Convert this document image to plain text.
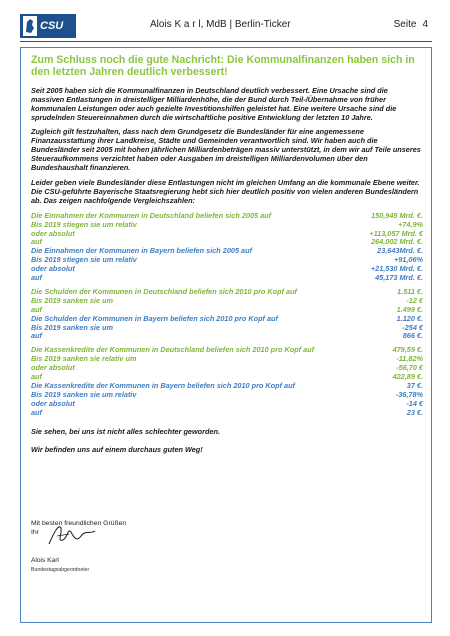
CSU	Alois K a r l, MdB | Berlin-Ticker	Seite 4
Zum Schluss noch die gute Nachricht: Die Kommunalfinanzen haben sich in den letzten Jahren deutlich verbessert!

Seit 2005 haben sich die Kommunalfinanzen in Deutschland deutlich verbessert. Eine Ursache sind die massiven Entlastungen in dreistelliger Milliardenhöhe, die der Bund durch Teil-/Übernahme von früher kommunalen Leistungen oder auch gezielte Investitionshilfen geleistet hat. Eine weitere Ursache sind die sprudelnden Steuereinnahmen durch die wirtschaftliche positive Entwicklung der letzten 10 Jahre.

Zugleich gilt festzuhalten, dass nach dem Grundgesetz die Bundesländer für eine angemessene Finanzausstattung ihrer Landkreise, Städte und Gemeinden verantwortlich sind. Wir haben auch die Bundesländer seit 2005 mit hohen jährlichen Milliardenbeträgen massiv unterstützt, in dem wir auf Teile unseres Steueraufkommens verzichtet haben oder Ausgaben im dreistelligen Milliardenvolumen über den Bundeshaushalt finanzieren.

Leider geben viele Bundesländer diese Entlastungen nicht im gleichen Umfang an die kommunale Ebene weiter. Die CSU-geführte Bayerische Staatsregierung hebt sich hier deutlich positiv von vielen anderen Bundesländern ab. Das zeigen nachfolgende Vergleichszahlen:

Die Einnahmen der Kommunen in Deutschland beliefen sich 2005 auf	150,945 Mrd. €.
Bis 2019 stiegen sie um relativ	+74,9%
oder absolut	+113,057 Mrd. €
auf	264,002 Mrd. €.
Die Einnahmen der Kommunen in Bayern beliefen sich 2005 auf	23,643Mrd. €.
Bis 2019 stiegen sie um relativ	+91,06%
oder absolut	+21,530 Mrd. €.
auf	45,173 Mrd. €.
Die Schulden der Kommunen in Deutschland beliefen sich 2010 pro Kopf auf	1.511 €.
Bis 2019 sanken sie um	-12 €
auf	1.499 €.
Die Schulden der Kommunen in Bayern beliefen sich 2010 pro Kopf auf	1.120 €.
Bis 2019 sanken sie um	-254 €
auf	866 €.
Die Kassenkredite der Kommunen in Deutschland beliefen sich 2010 pro Kopf auf	479,59 €.
Bis 2019 sanken sie relativ um	-11,82%
oder absolut	-56,70 €
auf	422,89 €.
Die Kassenkredite der Kommunen in Bayern beliefen sich 2010 pro Kopf auf	37 €.
Bis 2019 sanken sie um relativ	-36,78%
oder absolut	-14 €
auf	23 €.

Sie sehen, bei uns ist nicht alles schlechter geworden.

Wir befinden uns auf einem durchaus guten Weg!

Mit besten freundlichen Grüßen
Ihr
Alois Karl
Bundestagsabgeordneter
